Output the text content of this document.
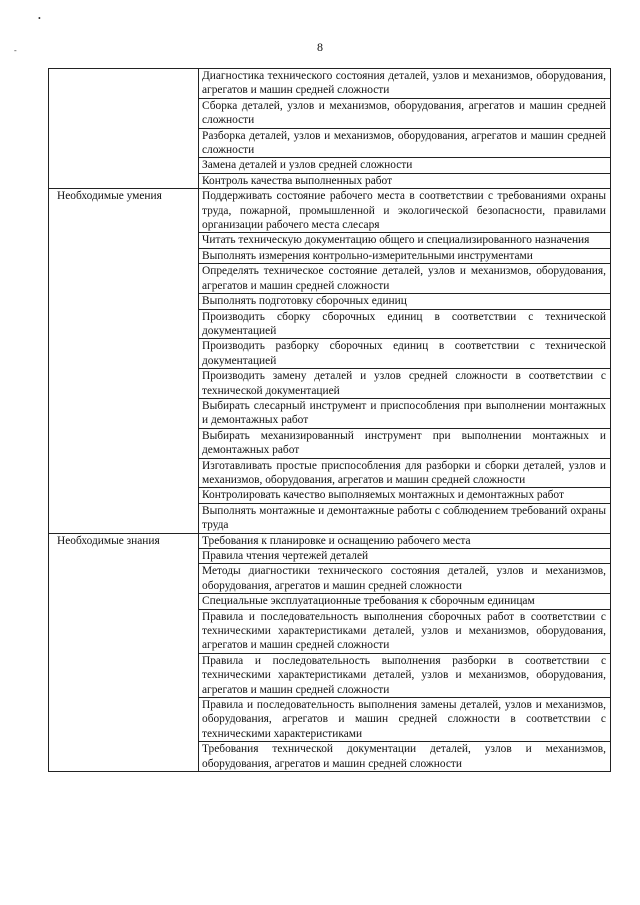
•
-	8
	Диагностика технического состояния деталей, узлов и механизмов, оборудования, агрегатов и машин средней сложности
	Сборка деталей, узлов и механизмов, оборудования, агрегатов и машин средней сложности
	Разборка деталей, узлов и механизмов, оборудования, агрегатов и машин средней сложности
	Замена деталей и узлов средней сложности
	Контроль качества выполненных работ
Необходимые умения	Поддерживать состояние рабочего места в соответствии с требованиями охраны труда, пожарной, промышленной и экологической безопасности, правилами организации рабочего места слесаря
	Читать техническую документацию общего и специализированного назначения
	Выполнять измерения контрольно-измерительными инструментами
	Определять техническое состояние деталей, узлов и механизмов, оборудования, агрегатов и машин средней сложности
	Выполнять подготовку сборочных единиц
	Производить сборку сборочных единиц в соответствии с технической документацией
	Производить разборку сборочных единиц в соответствии с технической документацией
	Производить замену деталей и узлов средней сложности в соответствии с технической документацией
	Выбирать слесарный инструмент и приспособления при выполнении монтажных и демонтажных работ
	Выбирать механизированный инструмент при выполнении монтажных и демонтажных работ
	Изготавливать простые приспособления для разборки и сборки деталей, узлов и механизмов, оборудования, агрегатов и машин средней сложности
	Контролировать качество выполняемых монтажных и демонтажных работ
	Выполнять монтажные и демонтажные работы с соблюдением требований охраны труда
Необходимые знания	Требования к планировке и оснащению рабочего места
	Правила чтения чертежей деталей
	Методы диагностики технического состояния деталей, узлов и механизмов, оборудования, агрегатов и машин средней сложности
	Специальные эксплуатационные требования к сборочным единицам
	Правила и последовательность выполнения сборочных работ в соответствии с техническими характеристиками деталей, узлов и механизмов, оборудования, агрегатов и машин средней сложности
	Правила и последовательность выполнения разборки в соответствии с техническими характеристиками деталей, узлов и механизмов, оборудования, агрегатов и машин средней сложности
	Правила и последовательность выполнения замены деталей, узлов и механизмов, оборудования, агрегатов и машин средней сложности в соответствии с техническими характеристиками
	Требования технической документации деталей, узлов и механизмов, оборудования, агрегатов и машин средней сложности
